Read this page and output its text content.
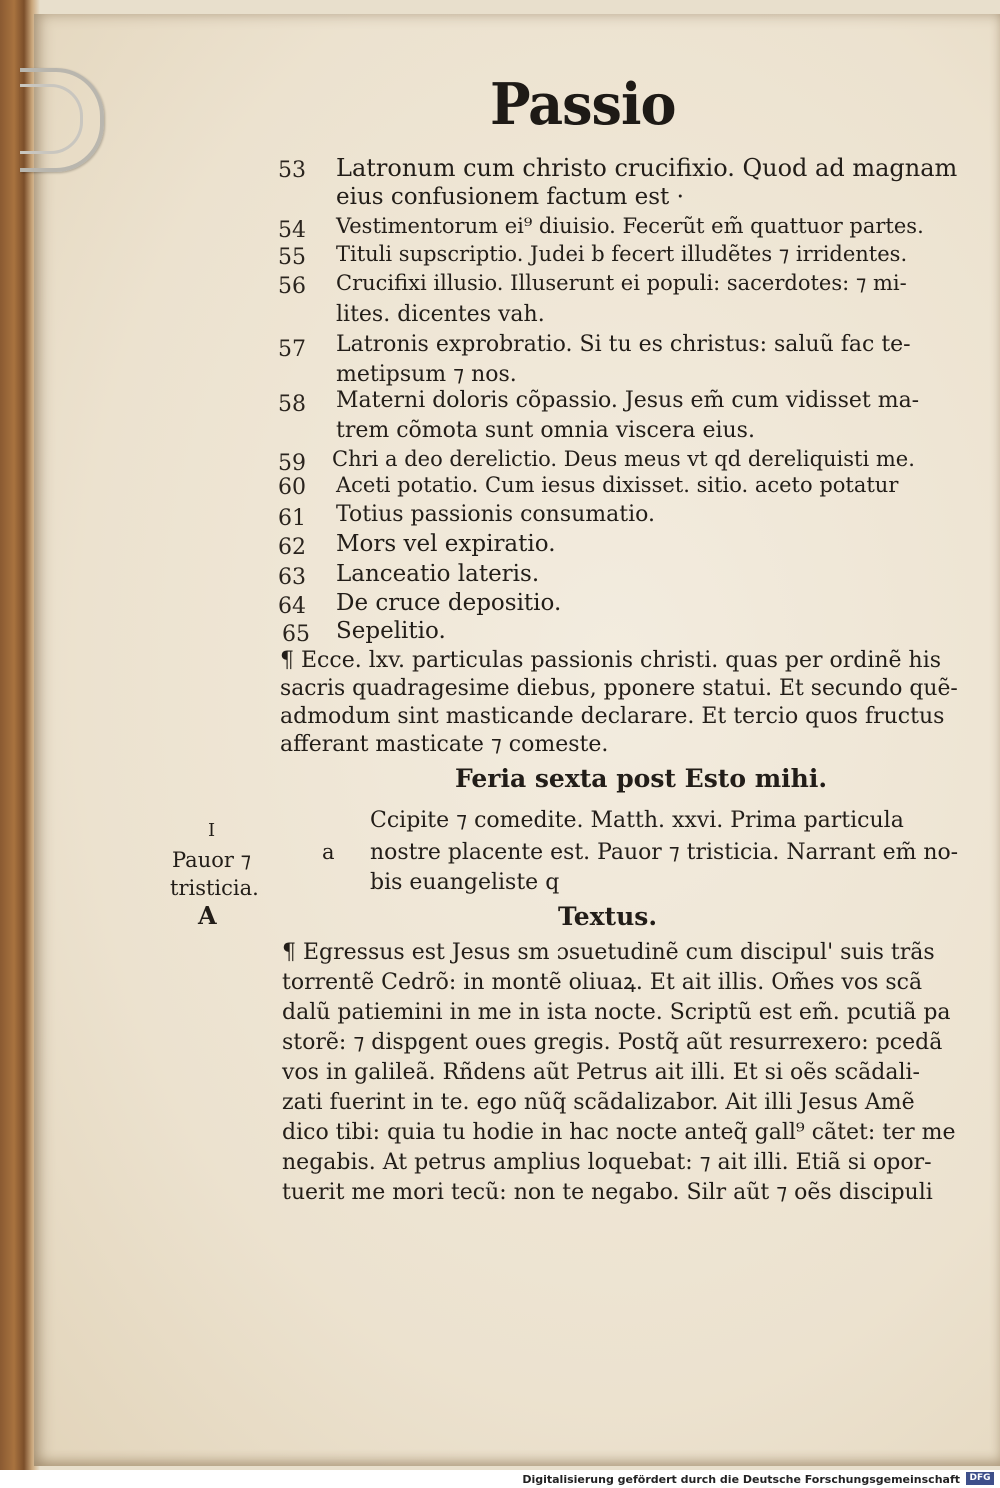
Passio
53 Latronum cum christo crucifixio. Quod ad magnam
eius confusionem factum est ·
54 Vestimentorum ei⁹ diuisio. Fecerũt em̃ quattuor partes.
55 Tituli supscriptio. Judei b fecert illudẽtes ⁊ irridentes.
56 Crucifixi illusio. Illuserunt ei populi: sacerdotes: ⁊ mi-
lites. dicentes vah.
57 Latronis exprobratio. Si tu es christus: saluũ fac te-
metipsum ⁊ nos.
58 Materni doloris cõpassio. Jesus em̃ cum vidisset ma-
trem cõmota sunt omnia viscera eius.
59 Chri a deo derelictio. Deus meus vt qd dereliquisti me.
60 Aceti potatio. Cum iesus dixisset. sitio. aceto potatur
61 Totius passionis consumatio.
62 Mors vel expiratio.
63 Lanceatio lateris.
64 De cruce depositio.
65 Sepelitio.
¶ Ecce. lxv. particulas passionis christi. quas per ordinẽ his
sacris quadragesime diebus, pponere statui. Et secundo quẽ-
admodum sint masticande declarare. Et tercio quos fructus
afferant masticate ⁊ comeste.
Feria sexta post Esto mihi.
I
Pauor ⁊
tristicia.
A
a
Ccipite ⁊ comedite. Matth. xxvi. Prima particula
nostre placente est. Pauor ⁊ tristicia. Narrant em̃ no-
bis euangeliste q
Textus.
¶ Egressus est Jesus sm ɔsuetudinẽ cum discipul' suis trãs
torrentẽ Cedrõ: in montẽ oliuaꝝ. Et ait illis. Om̃es vos scã
dalũ patiemini in me in ista nocte. Scriptũ est em̃. pcutiã pa
storẽ: ⁊ dispgent oues gregis. Postq̃ aũt resurrexero: pcedã
vos in galileã. Rñdens aũt Petrus ait illi. Et si oẽs scãdali-
zati fuerint in te. ego nũq̃ scãdalizabor. Ait illi Jesus Amẽ
dico tibi: quia tu hodie in hac nocte anteq̃ gall⁹ cãtet: ter me
negabis. At petrus amplius loquebat: ⁊ ait illi. Etiã si opor-
tuerit me mori tecũ: non te negabo. Silr aũt ⁊ oẽs discipuli
Digitalisierung gefördert durch die Deutsche Forschungsgemeinschaft	DFG
